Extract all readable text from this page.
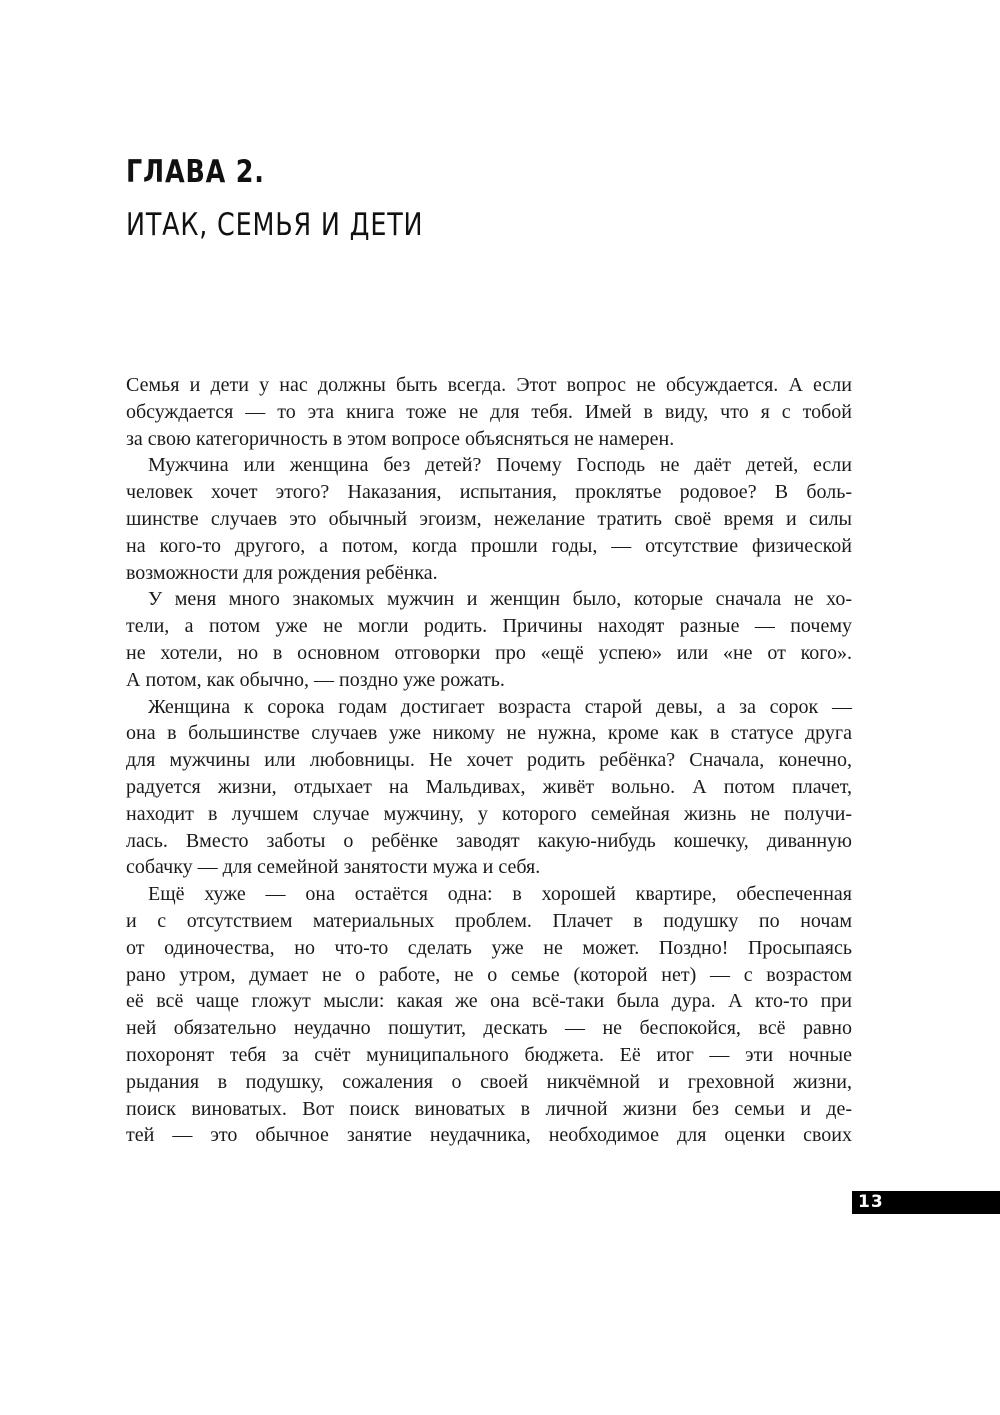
ГЛАВА 2.
ИТАК, СЕМЬЯ И ДЕТИ
Семья и дети у нас должны быть всегда. Этот вопрос не обсуждается. А если
обсуждается — то эта книга тоже не для тебя. Имей в виду, что я с тобой
за свою категоричность в этом вопросе объясняться не намерен.
Мужчина или женщина без детей? Почему Господь не даёт детей, если
человек хочет этого? Наказания, испытания, проклятье родовое? В боль-
шинстве случаев это обычный эгоизм, нежелание тратить своё время и силы
на кого-то другого, а потом, когда прошли годы, — отсутствие физической
возможности для рождения ребёнка.
У меня много знакомых мужчин и женщин было, которые сначала не хо-
тели, а потом уже не могли родить. Причины находят разные — почему
не хотели, но в основном отговорки про «ещё успею» или «не от кого».
А потом, как обычно, — поздно уже рожать.
Женщина к сорока годам достигает возраста старой девы, а за сорок —
она в большинстве случаев уже никому не нужна, кроме как в статусе друга
для мужчины или любовницы. Не хочет родить ребёнка? Сначала, конечно,
радуется жизни, отдыхает на Мальдивах, живёт вольно. А потом плачет,
находит в лучшем случае мужчину, у которого семейная жизнь не получи-
лась. Вместо заботы о ребёнке заводят какую-нибудь кошечку, диванную
собачку — для семейной занятости мужа и себя.
Ещё хуже — она остаётся одна: в хорошей квартире, обеспеченная
и с отсутствием материальных проблем. Плачет в подушку по ночам
от одиночества, но что-то сделать уже не может. Поздно! Просыпаясь
рано утром, думает не о работе, не о семье (которой нет) — с возрастом
её всё чаще гложут мысли: какая же она всё-таки была дура. А кто-то при
ней обязательно неудачно пошутит, дескать — не беспокойся, всё равно
похоронят тебя за счёт муниципального бюджета. Её итог — эти ночные
рыдания в подушку, сожаления о своей никчёмной и греховной жизни,
поиск виноватых. Вот поиск виноватых в личной жизни без семьи и де-
тей — это обычное занятие неудачника, необходимое для оценки своих
13
